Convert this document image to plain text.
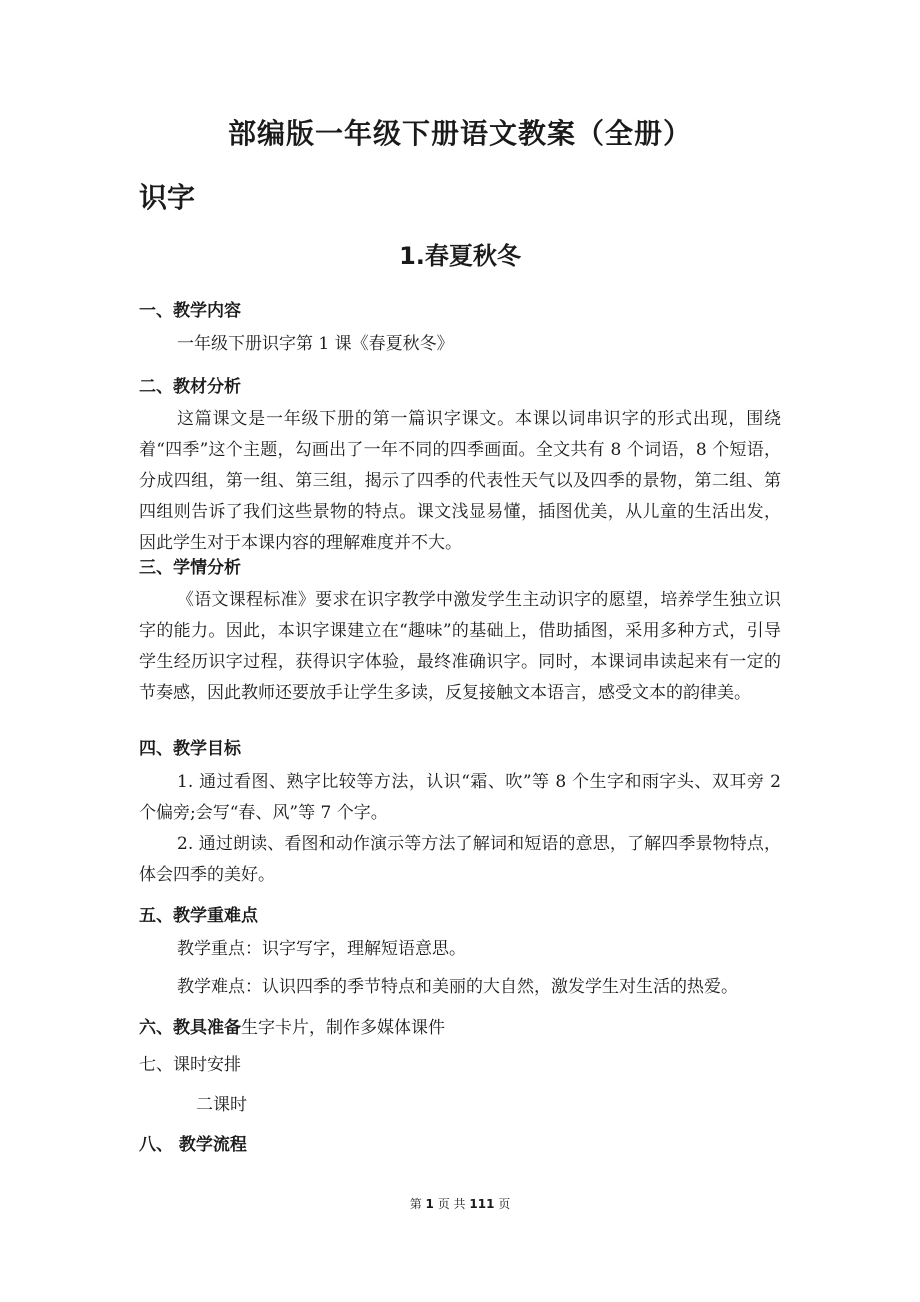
部编版一年级下册语文教案（全册）
识字
1.春夏秋冬
一、教学内容
一年级下册识字第 1 课《春夏秋冬》
二、教材分析
这篇课文是一年级下册的第一篇识字课文。本课以词串识字的形式出现，围绕着“四季”这个主题，勾画出了一年不同的四季画面。全文共有 8 个词语，8 个短语，分成四组，第一组、第三组，揭示了四季的代表性天气以及四季的景物，第二组、第四组则告诉了我们这些景物的特点。课文浅显易懂，插图优美，从儿童的生活出发，因此学生对于本课内容的理解难度并不大。
三、学情分析
《语文课程标准》要求在识字教学中激发学生主动识字的愿望，培养学生独立识字的能力。因此，本识字课建立在“趣味”的基础上，借助插图，采用多种方式，引导学生经历识字过程，获得识字体验，最终准确识字。同时，本课词串读起来有一定的节奏感，因此教师还要放手让学生多读，反复接触文本语言，感受文本的韵律美。
四、教学目标
1. 通过看图、熟字比较等方法，认识“霜、吹”等 8 个生字和雨字头、双耳旁 2 个偏旁;会写“春、风”等 7 个字。
2. 通过朗读、看图和动作演示等方法了解词和短语的意思，了解四季景物特点，体会四季的美好。
五、教学重难点
教学重点：识字写字，理解短语意思。
教学难点：认识四季的季节特点和美丽的大自然，激发学生对生活的热爱。
六、教具准备生字卡片，制作多媒体课件
七、课时安排
二课时
八、 教学流程
第 1 页 共 111 页
